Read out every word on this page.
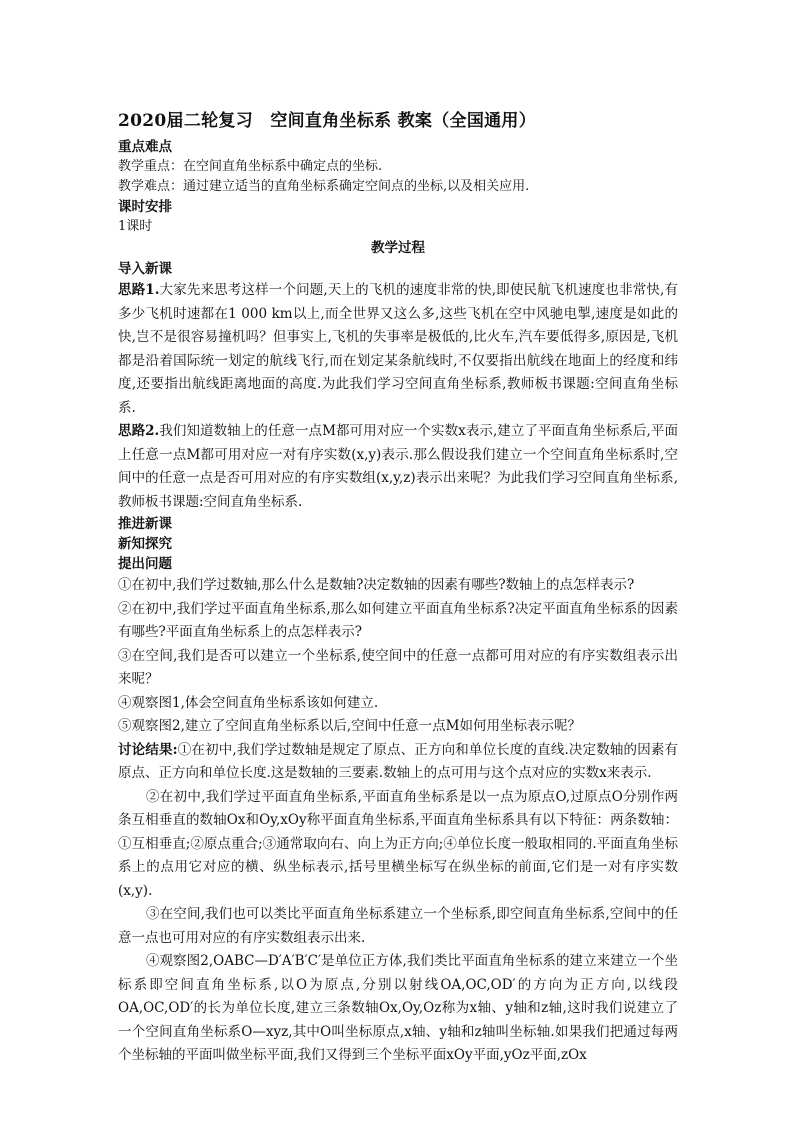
2020届二轮复习　空间直角坐标系 教案（全国通用）
重点难点
教学重点：在空间直角坐标系中确定点的坐标.
教学难点：通过建立适当的直角坐标系确定空间点的坐标,以及相关应用.
课时安排
1课时
教学过程
导入新课

思路1.大家先来思考这样一个问题,天上的飞机的速度非常的快,即使民航飞机速度也非常快,有多少飞机时速都在1 000 km以上,而全世界又这么多,这些飞机在空中风驰电掣,速度是如此的快,岂不是很容易撞机吗？但事实上,飞机的失事率是极低的,比火车,汽车要低得多,原因是,飞机都是沿着国际统一划定的航线飞行,而在划定某条航线时,不仅要指出航线在地面上的经度和纬度,还要指出航线距离地面的高度.为此我们学习空间直角坐标系,教师板书课题:空间直角坐标系.

思路2.我们知道数轴上的任意一点M都可用对应一个实数x表示,建立了平面直角坐标系后,平面上任意一点M都可用对应一对有序实数(x,y)表示.那么假设我们建立一个空间直角坐标系时,空间中的任意一点是否可用对应的有序实数组(x,y,z)表示出来呢？为此我们学习空间直角坐标系,教师板书课题:空间直角坐标系.

推进新课
新知探究
提出问题

①在初中,我们学过数轴,那么什么是数轴?决定数轴的因素有哪些?数轴上的点怎样表示?

②在初中,我们学过平面直角坐标系,那么如何建立平面直角坐标系?决定平面直角坐标系的因素有哪些?平面直角坐标系上的点怎样表示?

③在空间,我们是否可以建立一个坐标系,使空间中的任意一点都可用对应的有序实数组表示出来呢？

④观察图1,体会空间直角坐标系该如何建立.

⑤观察图2,建立了空间直角坐标系以后,空间中任意一点M如何用坐标表示呢？

讨论结果:①在初中,我们学过数轴是规定了原点、正方向和单位长度的直线.决定数轴的因素有原点、正方向和单位长度.这是数轴的三要素.数轴上的点可用与这个点对应的实数x来表示.

②在初中,我们学过平面直角坐标系,平面直角坐标系是以一点为原点O,过原点O分别作两条互相垂直的数轴Ox和Oy,xOy称平面直角坐标系,平面直角坐标系具有以下特征：两条数轴：①互相垂直;②原点重合;③通常取向右、向上为正方向;④单位长度一般取相同的.平面直角坐标系上的点用它对应的横、纵坐标表示,括号里横坐标写在纵坐标的前面,它们是一对有序实数(x,y).

③在空间,我们也可以类比平面直角坐标系建立一个坐标系,即空间直角坐标系,空间中的任意一点也可用对应的有序实数组表示出来.

④观察图2,OABC—D′A′B′C′是单位正方体,我们类比平面直角坐标系的建立来建立一个坐标系即空间直角坐标系,以O为原点,分别以射线OA,OC,OD′的方向为正方向,以线段OA,OC,OD′的长为单位长度,建立三条数轴Ox,Oy,Oz称为x轴、y轴和z轴,这时我们说建立了一个空间直角坐标系O—xyz,其中O叫坐标原点,x轴、y轴和z轴叫坐标轴.如果我们把通过每两个坐标轴的平面叫做坐标平面,我们又得到三个坐标平面xOy平面,yOz平面,zOx
